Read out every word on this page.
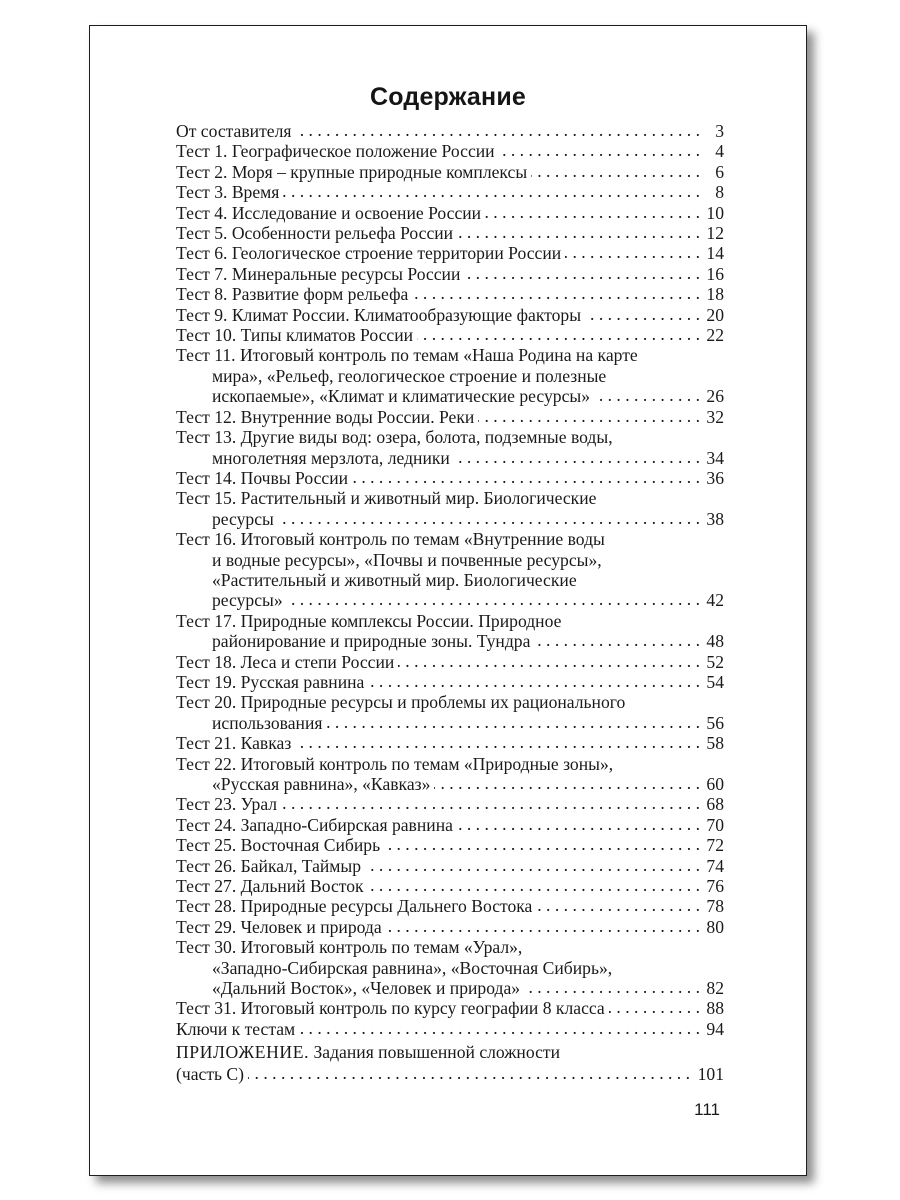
Содержание
От составителя . . .	3
Тест 1. Географическое положение России . . .	4
Тест 2. Моря – крупные природные комплексы . . .	6
Тест 3. Время . . .	8
Тест 4. Исследование и освоение России . . .	10
Тест 5. Особенности рельефа России . . .	12
Тест 6. Геологическое строение территории России . . .	14
Тест 7. Минеральные ресурсы России . . .	16
Тест 8. Развитие форм рельефа . . .	18
Тест 9. Климат России. Климатообразующие факторы . . .	20
Тест 10. Типы климатов России . . .	22
Тест 11. Итоговый контроль по темам «Наша Родина на карте
мира», «Рельеф, геологическое строение и полезные
ископаемые», «Климат и климатические ресурсы» . . .	26
Тест 12. Внутренние воды России. Реки . . .	32
Тест 13. Другие виды вод: озера, болота, подземные воды,
многолетняя мерзлота, ледники . . .	34
Тест 14. Почвы России . . .	36
Тест 15. Растительный и животный мир. Биологические
ресурсы . . .	38
Тест 16. Итоговый контроль по темам «Внутренние воды
и водные ресурсы», «Почвы и почвенные ресурсы»,
«Растительный и животный мир. Биологические
ресурсы» . . .	42
Тест 17. Природные комплексы России. Природное
районирование и природные зоны. Тундра . . .	48
Тест 18. Леса и степи России . . .	52
Тест 19. Русская равнина . . .	54
Тест 20. Природные ресурсы и проблемы их рационального
использования . . .	56
Тест 21. Кавказ . . .	58
Тест 22. Итоговый контроль по темам «Природные зоны»,
«Русская равнина», «Кавказ» . . .	60
Тест 23. Урал . . .	68
Тест 24. Западно-Сибирская равнина . . .	70
Тест 25. Восточная Сибирь . . .	72
Тест 26. Байкал, Таймыр . . .	74
Тест 27. Дальний Восток . . .	76
Тест 28. Природные ресурсы Дальнего Востока . . .	78
Тест 29. Человек и природа . . .	80
Тест 30. Итоговый контроль по темам «Урал»,
«Западно-Сибирская равнина», «Восточная Сибирь»,
«Дальний Восток», «Человек и природа» . . .	82
Тест 31. Итоговый контроль по курсу географии 8 класса . . .	88
Ключи к тестам . . .	94
ПРИЛОЖЕНИЕ. Задания повышенной сложности
(часть С) . . .	101
111
